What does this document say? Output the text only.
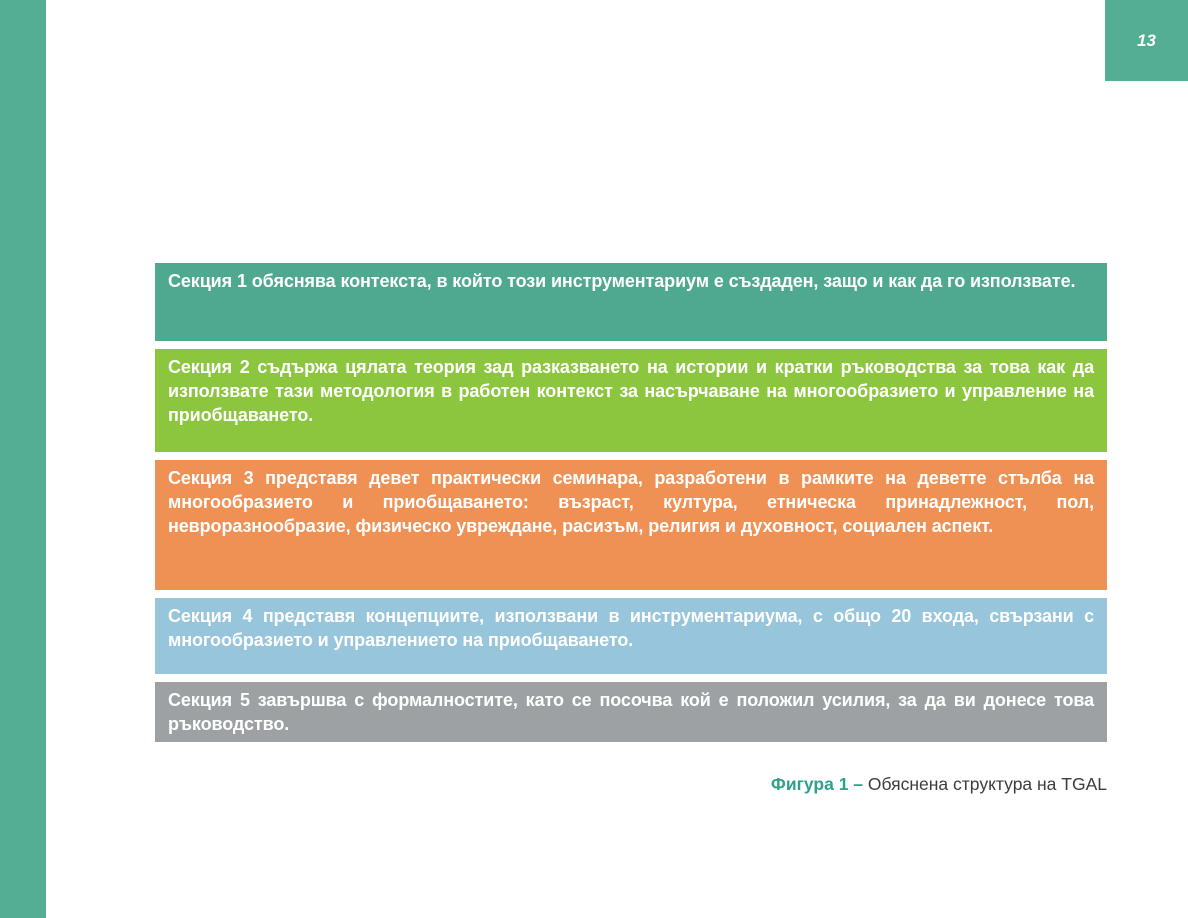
13
Секция 1 обяснява контекста, в който този инструментариум е създаден, защо и как да го използвате.
Секция 2 съдържа цялата теория зад разказването на истории и кратки ръководства за това как да използвате тази методология в работен контекст за насърчаване на многообразието и управление на приобщаването.
Секция 3 представя девет практически семинара, разработени в рамките на деветте стълба на многообразието и приобщаването: възраст, култура, етническа принадлежност, пол, невроразнообразие, физическо увреждане, расизъм, религия и духовност, социален аспект.
Секция 4 представя концепциите, използвани в инструментариума, с общо 20 входа, свързани с многообразието и управлението на приобщаването.
Секция 5 завършва с формалностите, като се посочва кой е положил усилия, за да ви донесе това ръководство.
Фигура 1 – Обяснена структура на TGAL
